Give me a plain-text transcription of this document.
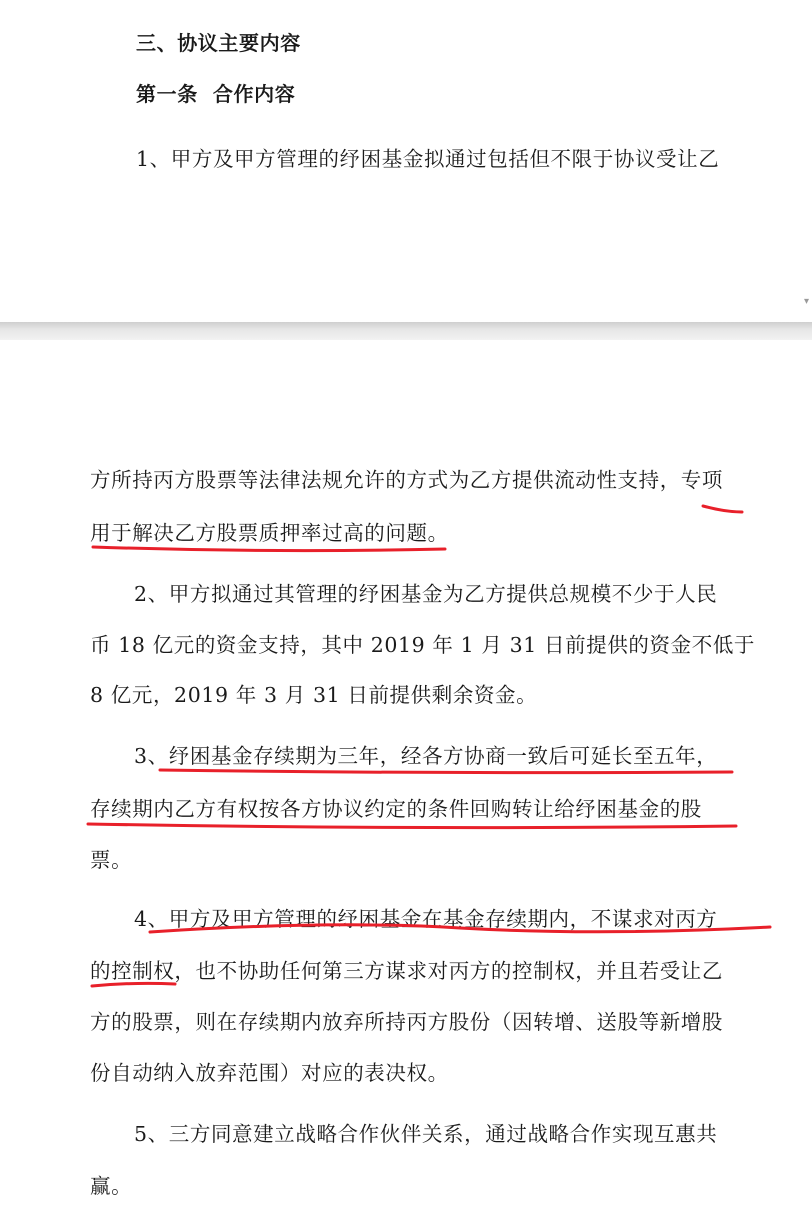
三、协议主要内容
第一条  合作内容
1、甲方及甲方管理的纾困基金拟通过包括但不限于协议受让乙
▾
方所持丙方股票等法律法规允许的方式为乙方提供流动性支持，专项
用于解决乙方股票质押率过高的问题。
2、甲方拟通过其管理的纾困基金为乙方提供总规模不少于人民
币 18 亿元的资金支持，其中 2019 年 1 月 31 日前提供的资金不低于
8 亿元，2019 年 3 月 31 日前提供剩余资金。
3、纾困基金存续期为三年，经各方协商一致后可延长至五年，
存续期内乙方有权按各方协议约定的条件回购转让给纾困基金的股
票。
4、甲方及甲方管理的纾困基金在基金存续期内，不谋求对丙方
的控制权，也不协助任何第三方谋求对丙方的控制权，并且若受让乙
方的股票，则在存续期内放弃所持丙方股份（因转增、送股等新增股
份自动纳入放弃范围）对应的表决权。
5、三方同意建立战略合作伙伴关系，通过战略合作实现互惠共
赢。
